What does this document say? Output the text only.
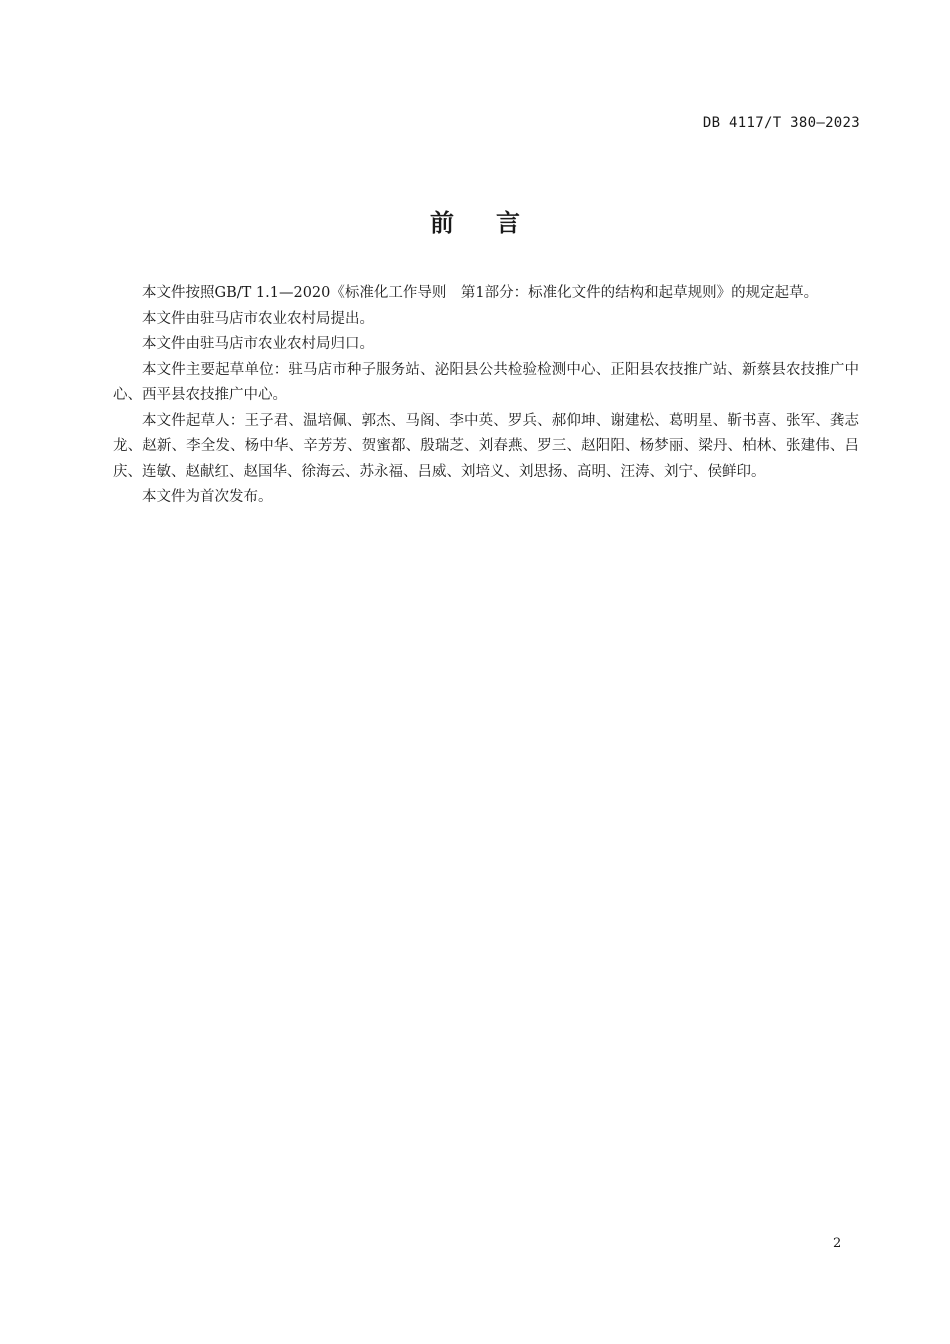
DB 4117/T 380—2023
前言

本文件按照GB/T 1.1—2020《标准化工作导则　第1部分：标准化文件的结构和起草规则》的规定起草。

本文件由驻马店市农业农村局提出。

本文件由驻马店市农业农村局归口。

本文件主要起草单位：驻马店市种子服务站、泌阳县公共检验检测中心、正阳县农技推广站、新蔡县农技推广中心、西平县农技推广中心。

本文件起草人：王子君、温培佩、郭杰、马阁、李中英、罗兵、郝仰坤、谢建松、葛明星、靳书喜、张军、龚志龙、赵新、李全发、杨中华、辛芳芳、贺蜜都、殷瑞芝、刘春燕、罗三、赵阳阳、杨梦丽、梁丹、柏林、张建伟、吕庆、连敏、赵献红、赵国华、徐海云、苏永福、吕威、刘培义、刘思扬、高明、汪涛、刘宁、侯鲜印。

本文件为首次发布。

2
